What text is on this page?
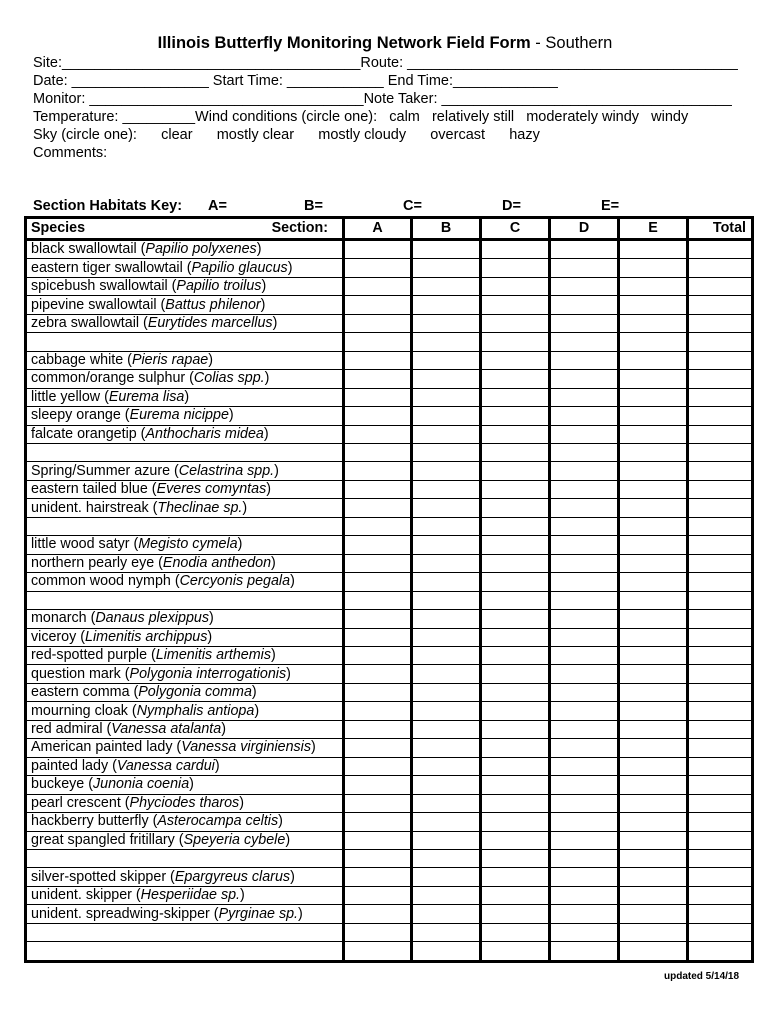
Illinois Butterfly Monitoring Network Field Form - Southern
Site:_____________________________________Route: _________________________________________
Date: _________________ Start Time: ____________ End Time:_____________
Monitor: __________________________________Note Taker: ____________________________________
Temperature: _________Wind conditions (circle one):   calm   relatively still   moderately windy   windy
Sky (circle one):      clear      mostly clear      mostly cloudy      overcast      hazy
Comments:
Section Habitats Key: A=	B=	C=	D=	E=
Species Section:	A	B	C	D	E	Total
black swallowtail (Papilio polyxenes)						
eastern tiger swallowtail (Papilio glaucus)						
spicebush swallowtail (Papilio troilus)						
pipevine swallowtail (Battus philenor)						
zebra swallowtail (Eurytides marcellus)						

cabbage white (Pieris rapae)						
common/orange sulphur (Colias spp.)						
little yellow (Eurema lisa)						
sleepy orange (Eurema nicippe)						
falcate orangetip (Anthocharis midea)						

Spring/Summer azure (Celastrina spp.)						
eastern tailed blue (Everes comyntas)						
unident. hairstreak (Theclinae sp.)						

little wood satyr (Megisto cymela)						
northern pearly eye (Enodia anthedon)						
common wood nymph (Cercyonis pegala)						

monarch (Danaus plexippus)						
viceroy (Limenitis archippus)						
red-spotted purple (Limenitis arthemis)						
question mark (Polygonia interrogationis)						
eastern comma (Polygonia comma)						
mourning cloak (Nymphalis antiopa)						
red admiral (Vanessa atalanta)						
American painted lady (Vanessa virginiensis)						
painted lady (Vanessa cardui)						
buckeye (Junonia coenia)						
pearl crescent (Phyciodes tharos)						
hackberry butterfly (Asterocampa celtis)						
great spangled fritillary (Speyeria cybele)						

silver-spotted skipper (Epargyreus clarus)						
unident. skipper (Hesperiidae sp.)						
unident. spreadwing-skipper (Pyrginae sp.)						

updated 5/14/18
